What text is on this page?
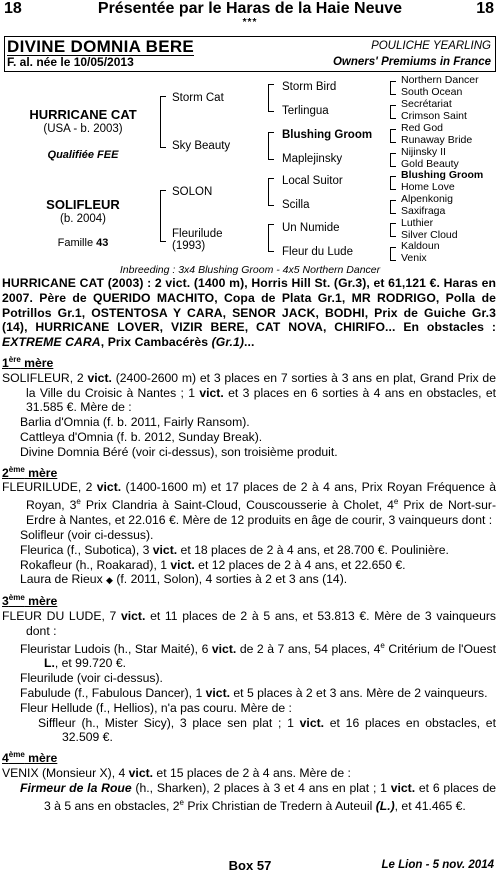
18	Présentée par le Haras de la Haie Neuve	18
***
DIVINE DOMNIA BERE	POULICHE YEARLING
F. al. née le 10/05/2013	Owners' Premiums in France
HURRICANE CAT
(USA - b. 2003)
Qualifiée FEE
SOLIFLEUR
(b. 2004)
Famille 43
Storm Cat
Sky Beauty
SOLON
Fleurilude
(1993)
Storm Bird
Terlingua
Blushing Groom
Maplejinsky
Local Suitor
Scilla
Un Numide
Fleur du Lude
Northern Dancer
South Ocean
Secrétariat
Crimson Saint
Red God
Runaway Bride
Nijinsky II
Gold Beauty
Blushing Groom
Home Love
Alpenkonig
Saxifraga
Luthier
Silver Cloud
Kaldoun
Venix
Inbreeding : 3x4 Blushing Groom - 4x5 Northern Dancer

HURRICANE CAT (2003) : 2 vict. (1400 m), Horris Hill St. (Gr.3), et 61,121 €. Haras en 2007. Père de QUERIDO MACHITO, Copa de Plata Gr.1, MR RODRIGO, Polla de Potrillos Gr.1, OSTENTOSA Y CARA, SENOR JACK, BODHI, Prix de Guiche Gr.3 (14), HURRICANE LOVER, VIZIR BERE, CAT NOVA, CHIRIFO... En obstacles : EXTREME CARA, Prix Cambacérès (Gr.1)...

1ère mère

SOLIFLEUR, 2 vict. (2400-2600 m) et 3 places en 7 sorties à 3 ans en plat, Grand Prix de la Ville du Croisic à Nantes ; 1 vict. et 3 places en 6 sorties à 4 ans en obstacles, et 31.585 €. Mère de :

Barlia d'Omnia (f. b. 2011, Fairly Ransom).

Cattleya d'Omnia (f. b. 2012, Sunday Break).

Divine Domnia Béré (voir ci-dessus), son troisième produit.

2ème mère

FLEURILUDE, 2 vict. (1400-1600 m) et 17 places de 2 à 4 ans, Prix Royan Fréquence à Royan, 3e Prix Clandria à Saint-Cloud, Couscousserie à Cholet, 4e Prix de Nort-sur-Erdre à Nantes, et 22.016 €. Mère de 12 produits en âge de courir, 3 vainqueurs dont :

Solifleur (voir ci-dessus).

Fleurica (f., Subotica), 3 vict. et 18 places de 2 à 4 ans, et 28.700 €. Poulinière.

Rokafleur (h., Roakarad), 1 vict. et 12 places de 2 à 4 ans, et 22.650 €.

Laura de Rieux ◆ (f. 2011, Solon), 4 sorties à 2 et 3 ans (14).

3ème mère

FLEUR DU LUDE, 7 vict. et 11 places de 2 à 5 ans, et 53.813 €. Mère de 3 vainqueurs dont :

Fleuristar Ludois (h., Star Maité), 6 vict. de 2 à 7 ans, 54 places, 4e Critérium de l'Ouest L., et 99.720 €.

Fleurilude (voir ci-dessus).

Fabulude (f., Fabulous Dancer), 1 vict. et 5 places à 2 et 3 ans. Mère de 2 vainqueurs.

Fleur Hellude (f., Hellios), n'a pas couru. Mère de :

Siffleur (h., Mister Sicy), 3 place sen plat ; 1 vict. et 16 places en obstacles, et 32.509 €.

4ème mère

VENIX (Monsieur X), 4 vict. et 15 places de 2 à 4 ans. Mère de :

Firmeur de la Roue (h., Sharken), 2 places à 3 et 4 ans en plat ; 1 vict. et 6 places de 3 à 5 ans en obstacles, 2e Prix Christian de Tredern à Auteuil (L.), et 41.465 €.

Box 57	Le Lion - 5 nov. 2014
